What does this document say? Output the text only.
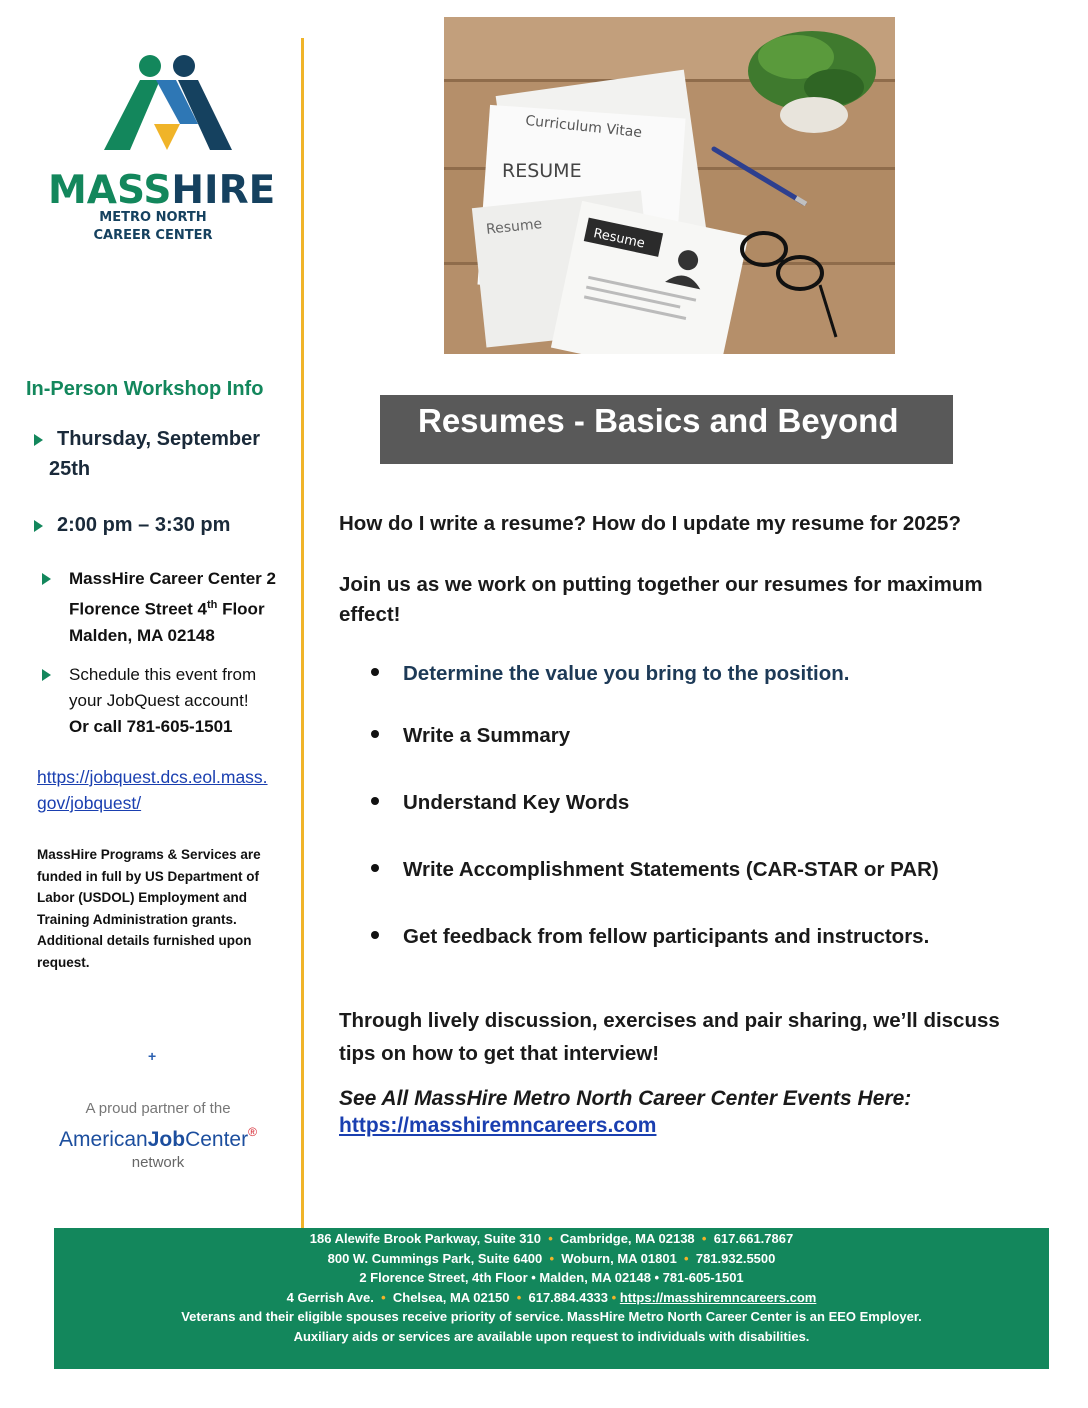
MASSHIRE
METRO NORTH
CAREER CENTER
Curriculum Vitae
RESUME
Resume	Resume
In-Person Workshop Info
Thursday, September
25th
2:00 pm – 3:30 pm
MassHire Career Center 2
Florence Street 4th Floor
Malden, MA 02148
Schedule this event from
your JobQuest account!
Or call 781-605-1501
https://jobquest.dcs.eol.mass.
gov/jobquest/
MassHire Programs & Services are funded in full by US Department of Labor (USDOL) Employment and Training Administration grants. Additional details furnished upon request.
+
A proud partner of the
AmericanJobCenter®
network
Resumes - Basics and Beyond
How do I write a resume? How do I update my resume for 2025?
Join us as we work on putting together our resumes for maximum effect!
Determine the value you bring to the position.
Write a Summary
Understand Key Words
Write Accomplishment Statements (CAR-STAR or PAR)
Get feedback from fellow participants and instructors.
Through lively discussion, exercises and pair sharing, we’ll discuss tips on how to get that interview!
See All MassHire Metro North Career Center Events Here:
https://masshiremncareers.com
186 Alewife Brook Parkway, Suite 310 • Cambridge, MA 02138 • 617.661.7867
800 W. Cummings Park, Suite 6400 • Woburn, MA 01801 • 781.932.5500
2 Florence Street, 4th Floor • Malden, MA 02148 • 781-605-1501
4 Gerrish Ave. • Chelsea, MA 02150 • 617.884.4333 • https://masshiremncareers.com
Veterans and their eligible spouses receive priority of service. MassHire Metro North Career Center is an EEO Employer.
Auxiliary aids or services are available upon request to individuals with disabilities.
